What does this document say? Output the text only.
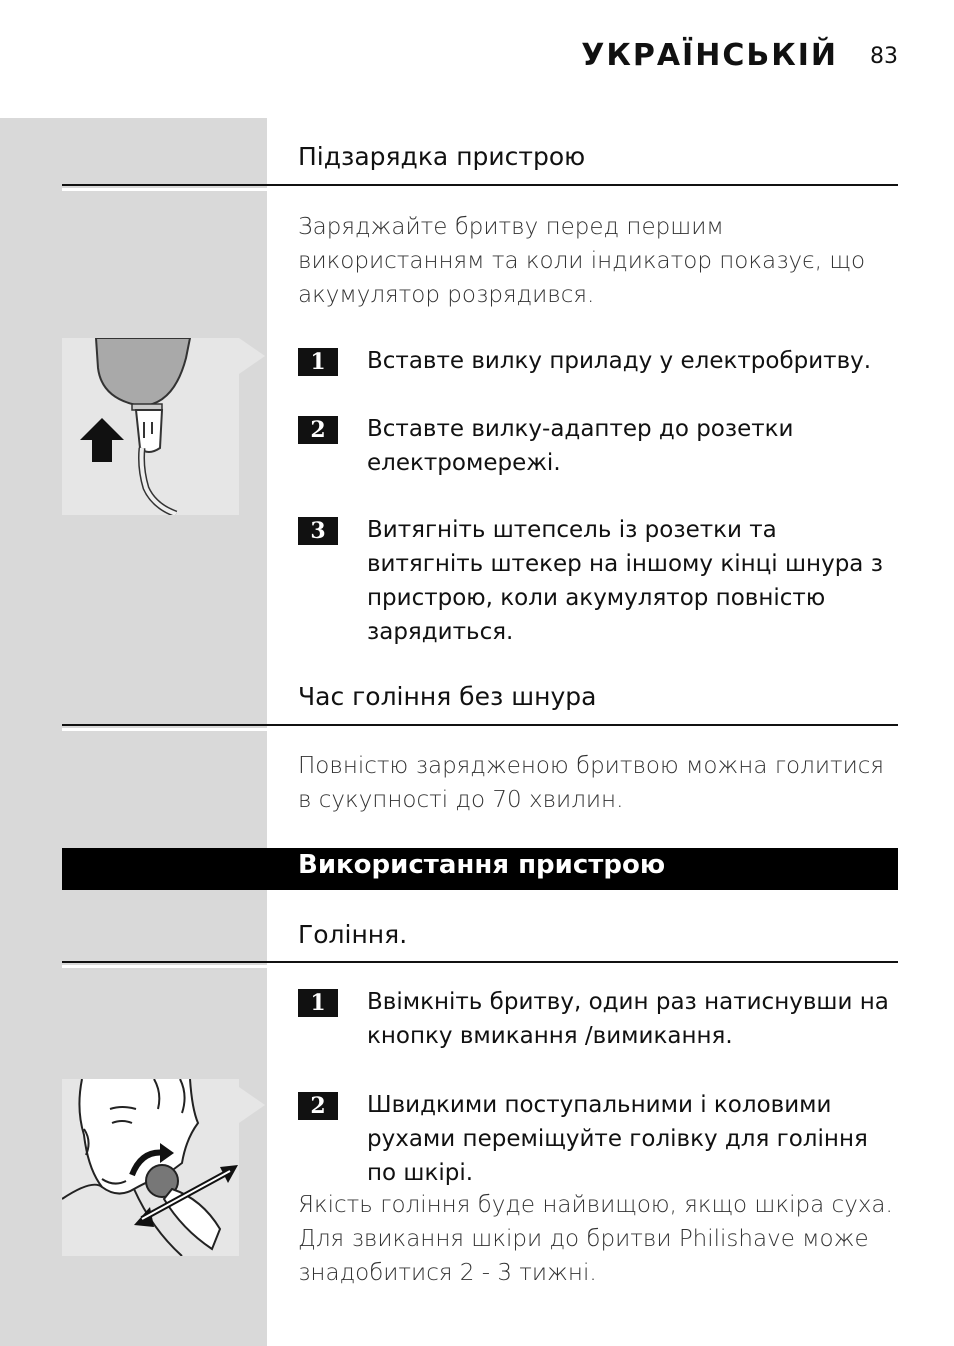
УКРАЇНСЬКІЙ 83
Підзарядка пристрою
Заряджайте бритву перед першим використанням та коли індикатор показує, що акумулятор розрядився.
1	Вставте вилку приладу у електробритву.
2	Вставте вилку-адаптер до розетки електромережі.
3	Витягніть штепсель із розетки та витягніть штекер на іншому кінці шнура з пристрою, коли акумулятор повністю зарядиться.
Час гоління без шнура
Повністю зарядженою бритвою можна голитися в сукупності до 70 хвилин.
Використання пристрою
Гоління.
1	Ввімкніть бритву, один раз натиснувши на кнопку вмикання /вимикання.
2	Швидкими поступальними і коловими рухами переміщуйте голівку для гоління по шкірі.
Якість гоління буде найвищою, якщо шкіра суха. Для звикання шкіри до бритви Philishave може знадобитися 2 - 3 тижні.
